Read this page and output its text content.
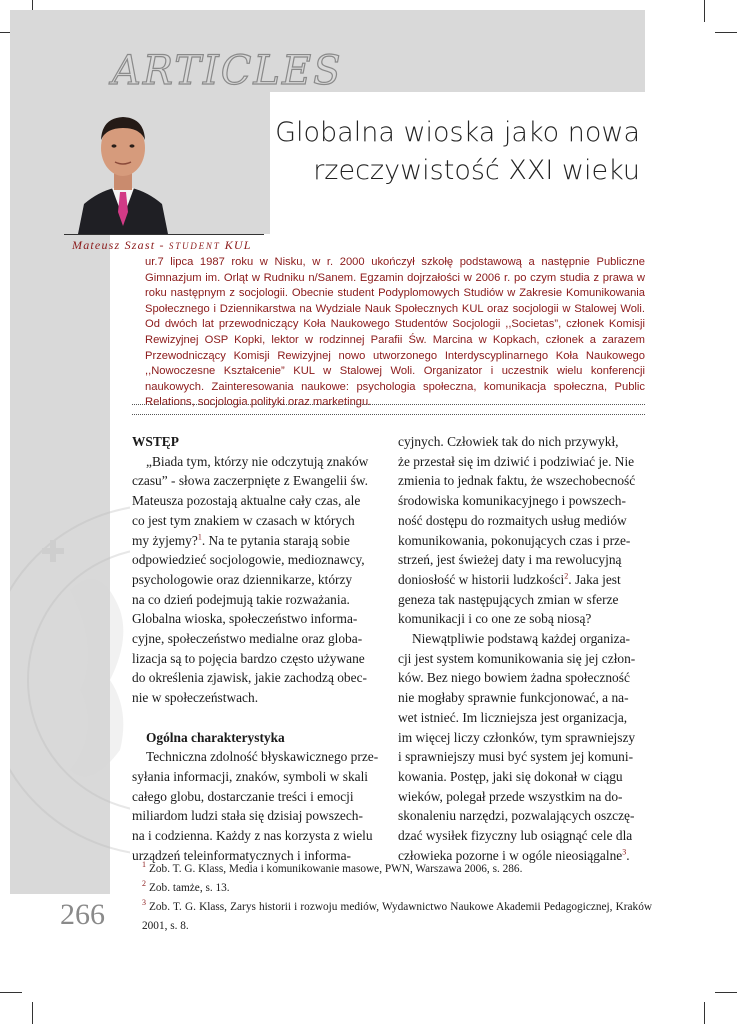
ARTICLES
Globalna wioska jako nowa
rzeczywistość XXI wieku
Mateusz Szast - STUDENT KUL
ur.7 lipca 1987 roku w Nisku, w r. 2000 ukończył szkołę podstawową a następnie Publiczne Gimnazjum im. Orląt w Rudniku n/Sanem. Egzamin dojrzałości w 2006 r. po czym studia z prawa w roku następnym z socjologii. Obecnie student Podyplomowych Studiów w Zakresie Komunikowania Społecznego i Dziennikarstwa na Wydziale Nauk Społecznych KUL oraz socjologii w Stalowej Woli. Od dwóch lat przewodniczący Koła Naukowego Studentów Socjologii ,,Societas”, członek Komisji Rewizyjnej OSP Kopki, lektor w rodzinnej Parafii Św. Marcina w Kopkach, członek a zarazem Przewodniczący Komisji Rewizyjnej nowo utworzonego Interdyscyplinarnego Koła Naukowego ,,Nowoczesne Kształcenie” KUL w Stalowej Woli. Organizator i uczestnik wielu konferencji naukowych. Zainteresowania naukowe: psychologia społeczna, komunikacja społeczna, Public Relations, socjologia polityki oraz marketingu.
WSTĘP

„Biada tym, którzy nie odczytują znaków

czasu” - słowa zaczerpnięte z Ewangelii św.

Mateusza pozostają aktualne cały czas, ale

co jest tym znakiem w czasach w których

my żyjemy?$^1$. Na te pytania starają sobie

odpowiedzieć socjologowie, medioznawcy,

psychologowie oraz dziennikarze, którzy

na co dzień podejmują takie rozważania.

Globalna wioska, społeczeństwo informa-

cyjne, społeczeństwo medialne oraz globa-

lizacja są to pojęcia bardzo często używane

do określenia zjawisk, jakie zachodzą obec-

nie w społeczeństwach.

Ogólna charakterystyka

Techniczna zdolność błyskawicznego prze-

syłania informacji, znaków, symboli w skali

całego globu, dostarczanie treści i emocji

miliardom ludzi stała się dzisiaj powszech-

na i codzienna. Każdy z nas korzysta z wielu

urządzeń teleinformatycznych i informa-

cyjnych. Człowiek tak do nich przywykł,

że przestał się im dziwić i podziwiać je. Nie

zmienia to jednak faktu, że wszechobecność

środowiska komunikacyjnego i powszech-

ność dostępu do rozmaitych usług mediów

komunikowania, pokonujących czas i prze-

strzeń, jest świeżej daty i ma rewolucyjną

doniosłość w historii ludzkości$^2$. Jaka jest

geneza tak następujących zmian w sferze

komunikacji i co one ze sobą niosą?

Niewątpliwie podstawą każdej organiza-

cji jest system komunikowania się jej człon-

ków. Bez niego bowiem żadna społeczność

nie mogłaby sprawnie funkcjonować, a na-

wet istnieć. Im liczniejsza jest organizacja,

im więcej liczy członków, tym sprawniejszy

i sprawniejszy musi być system jej komuni-

kowania. Postęp, jaki się dokonał w ciągu

wieków, polegał przede wszystkim na do-

skonaleniu narzędzi, pozwalających oszczę-

dzać wysiłek fizyczny lub osiągnąć cele dla

człowieka pozorne i w ogóle nieosiągalne$^3$.

$^1$ Zob. T. G. Klass, Media i komunikowanie masowe, PWN, Warszawa 2006, s. 286.

$^2$ Zob. tamże, s. 13.

$^3$ Zob. T. G. Klass, Zarys historii i rozwoju mediów, Wydawnictwo Naukowe Akademii Pedagogicznej, Kraków 2001, s. 8.

266
